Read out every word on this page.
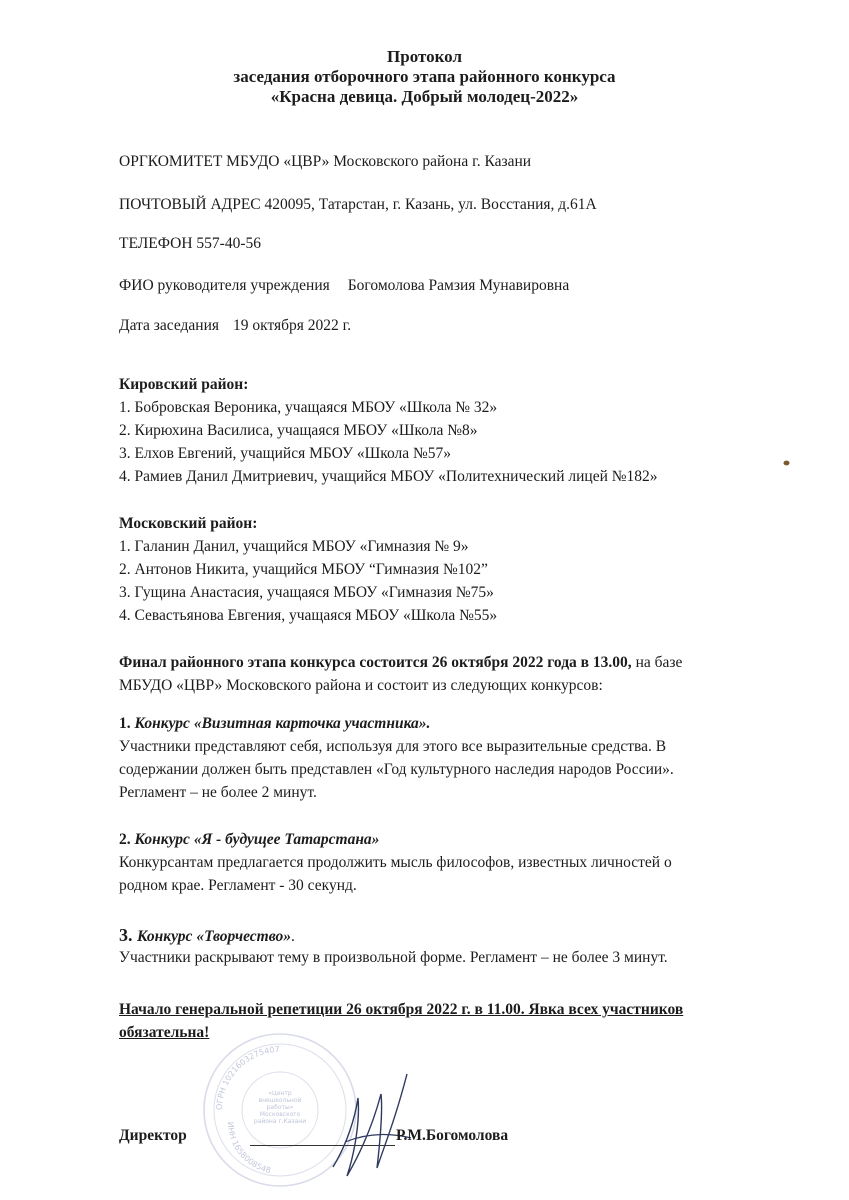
Протокол
заседания отборочного этапа районного конкурса
«Красна девица. Добрый молодец-2022»
ОРГКОМИТЕТ МБУДО «ЦВР» Московского района г. Казани
ПОЧТОВЫЙ АДРЕС 420095, Татарстан, г. Казань, ул. Восстания, д.61А
ТЕЛЕФОН 557-40-56
ФИО руководителя учреждения Богомолова Рамзия Мунавировна
Дата заседания 19 октября 2022 г.
Кировский район:
1. Бобровская Вероника, учащаяся МБОУ «Школа № 32»
2. Кирюхина Василиса, учащаяся МБОУ «Школа №8»
3. Елхов Евгений, учащийся МБОУ «Школа №57»
4. Рамиев Данил Дмитриевич, учащийся МБОУ «Политехнический лицей №182»
Московский район:
1. Галанин Данил, учащийся МБОУ «Гимназия № 9»
2. Антонов Никита, учащийся МБОУ “Гимназия №102”
3. Гущина Анастасия, учащаяся МБОУ «Гимназия №75»
4. Севастьянова Евгения, учащаяся МБОУ «Школа №55»
Финал районного этапа конкурса состоится 26 октября 2022 года в 13.00, на базе
МБУДО «ЦВР» Московского района и состоит из следующих конкурсов:
1. Конкурс «Визитная карточка участника».
Участники представляют себя, используя для этого все выразительные средства. В
содержании должен быть представлен «Год культурного наследия народов России».
Регламент – не более 2 минут.
2. Конкурс «Я - будущее Татарстана»
Конкурсантам предлагается продолжить мысль философов, известных личностей о
родном крае. Регламент - 30 секунд.
3. Конкурс «Творчество».
Участники раскрывают тему в произвольной форме. Регламент – не более 3 минут.
Начало генеральной репетиции 26 октября 2022 г. в 11.00. Явка всех участников
обязательна!
ОГРН 1021603275407
ИНН 1658008548
«Центр внешкольной работы» Московского района г.Казани
Директор	Р.М.Богомолова
